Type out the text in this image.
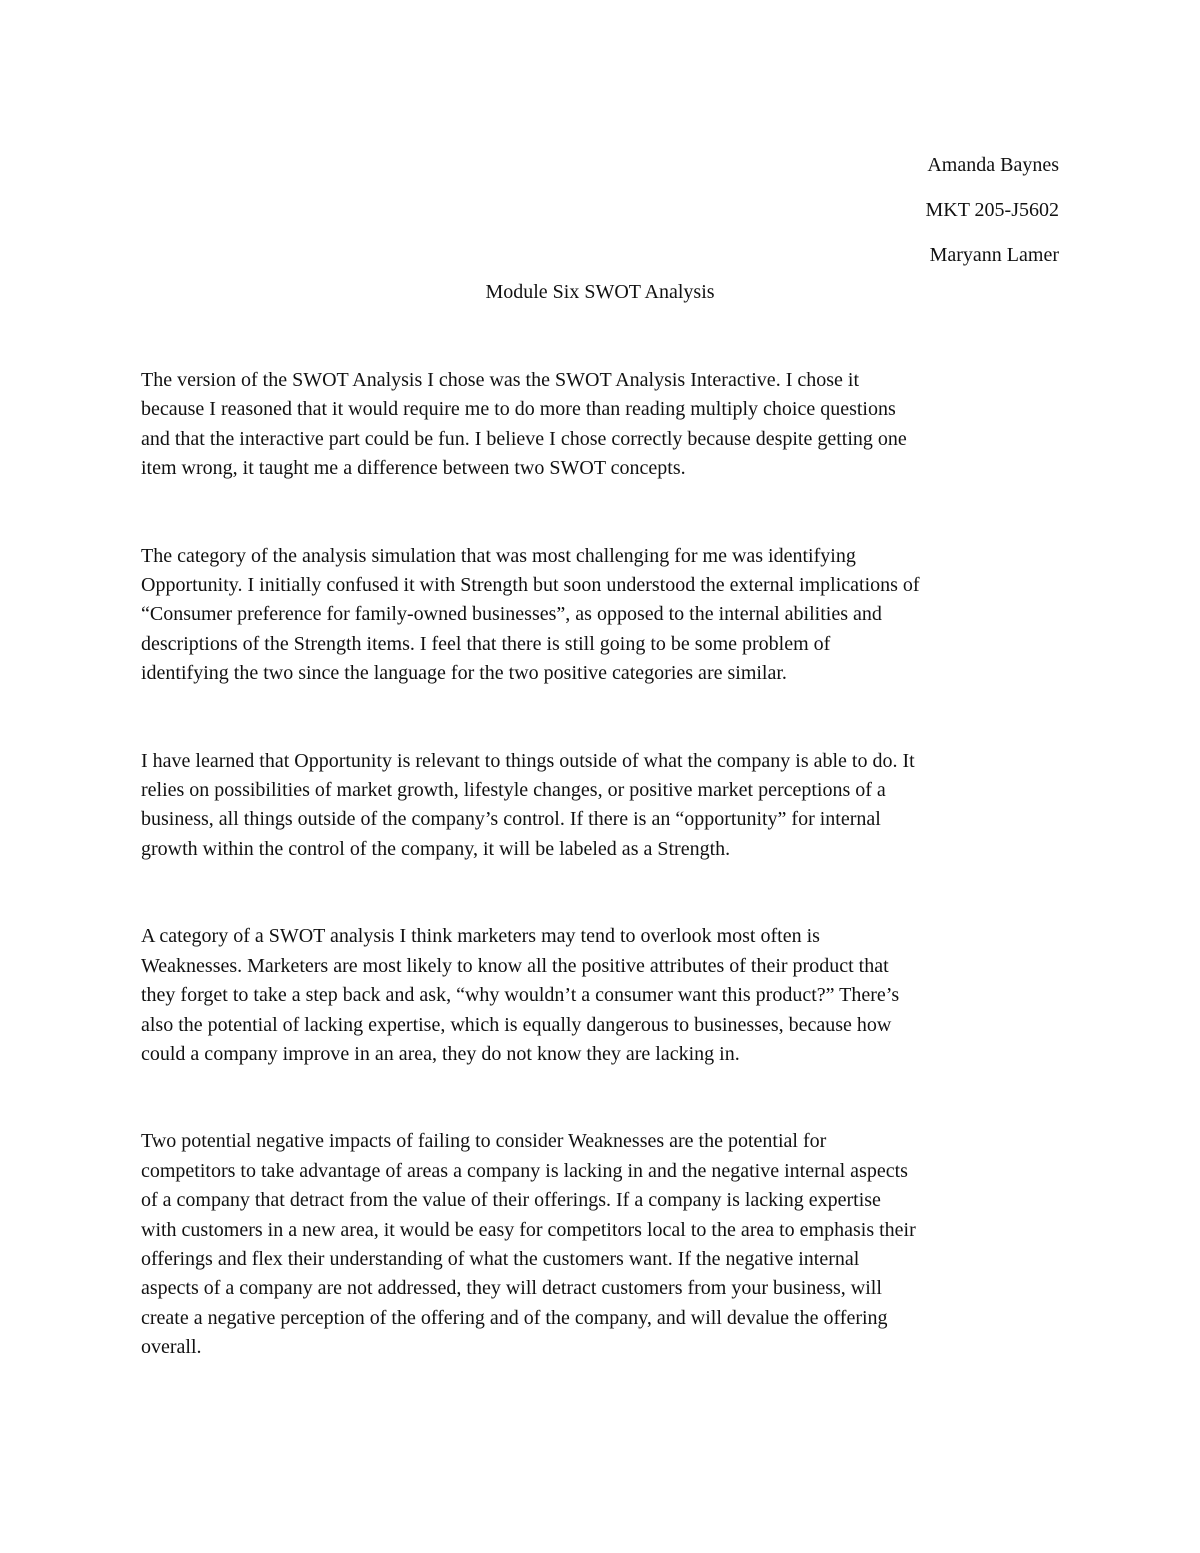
Amanda Baynes
MKT 205-J5602
Maryann Lamer
Module Six SWOT Analysis
The version of the SWOT Analysis I chose was the SWOT Analysis Interactive. I chose it
because I reasoned that it would require me to do more than reading multiply choice questions
and that the interactive part could be fun. I believe I chose correctly because despite getting one
item wrong, it taught me a difference between two SWOT concepts.
The category of the analysis simulation that was most challenging for me was identifying
Opportunity. I initially confused it with Strength but soon understood the external implications of
“Consumer preference for family-owned businesses”, as opposed to the internal abilities and
descriptions of the Strength items. I feel that there is still going to be some problem of
identifying the two since the language for the two positive categories are similar.
I have learned that Opportunity is relevant to things outside of what the company is able to do. It
relies on possibilities of market growth, lifestyle changes, or positive market perceptions of a
business, all things outside of the company’s control. If there is an “opportunity” for internal
growth within the control of the company, it will be labeled as a Strength.
A category of a SWOT analysis I think marketers may tend to overlook most often is
Weaknesses. Marketers are most likely to know all the positive attributes of their product that
they forget to take a step back and ask, “why wouldn’t a consumer want this product?” There’s
also the potential of lacking expertise, which is equally dangerous to businesses, because how
could a company improve in an area, they do not know they are lacking in.
Two potential negative impacts of failing to consider Weaknesses are the potential for
competitors to take advantage of areas a company is lacking in and the negative internal aspects
of a company that detract from the value of their offerings. If a company is lacking expertise
with customers in a new area, it would be easy for competitors local to the area to emphasis their
offerings and flex their understanding of what the customers want. If the negative internal
aspects of a company are not addressed, they will detract customers from your business, will
create a negative perception of the offering and of the company, and will devalue the offering
overall.
